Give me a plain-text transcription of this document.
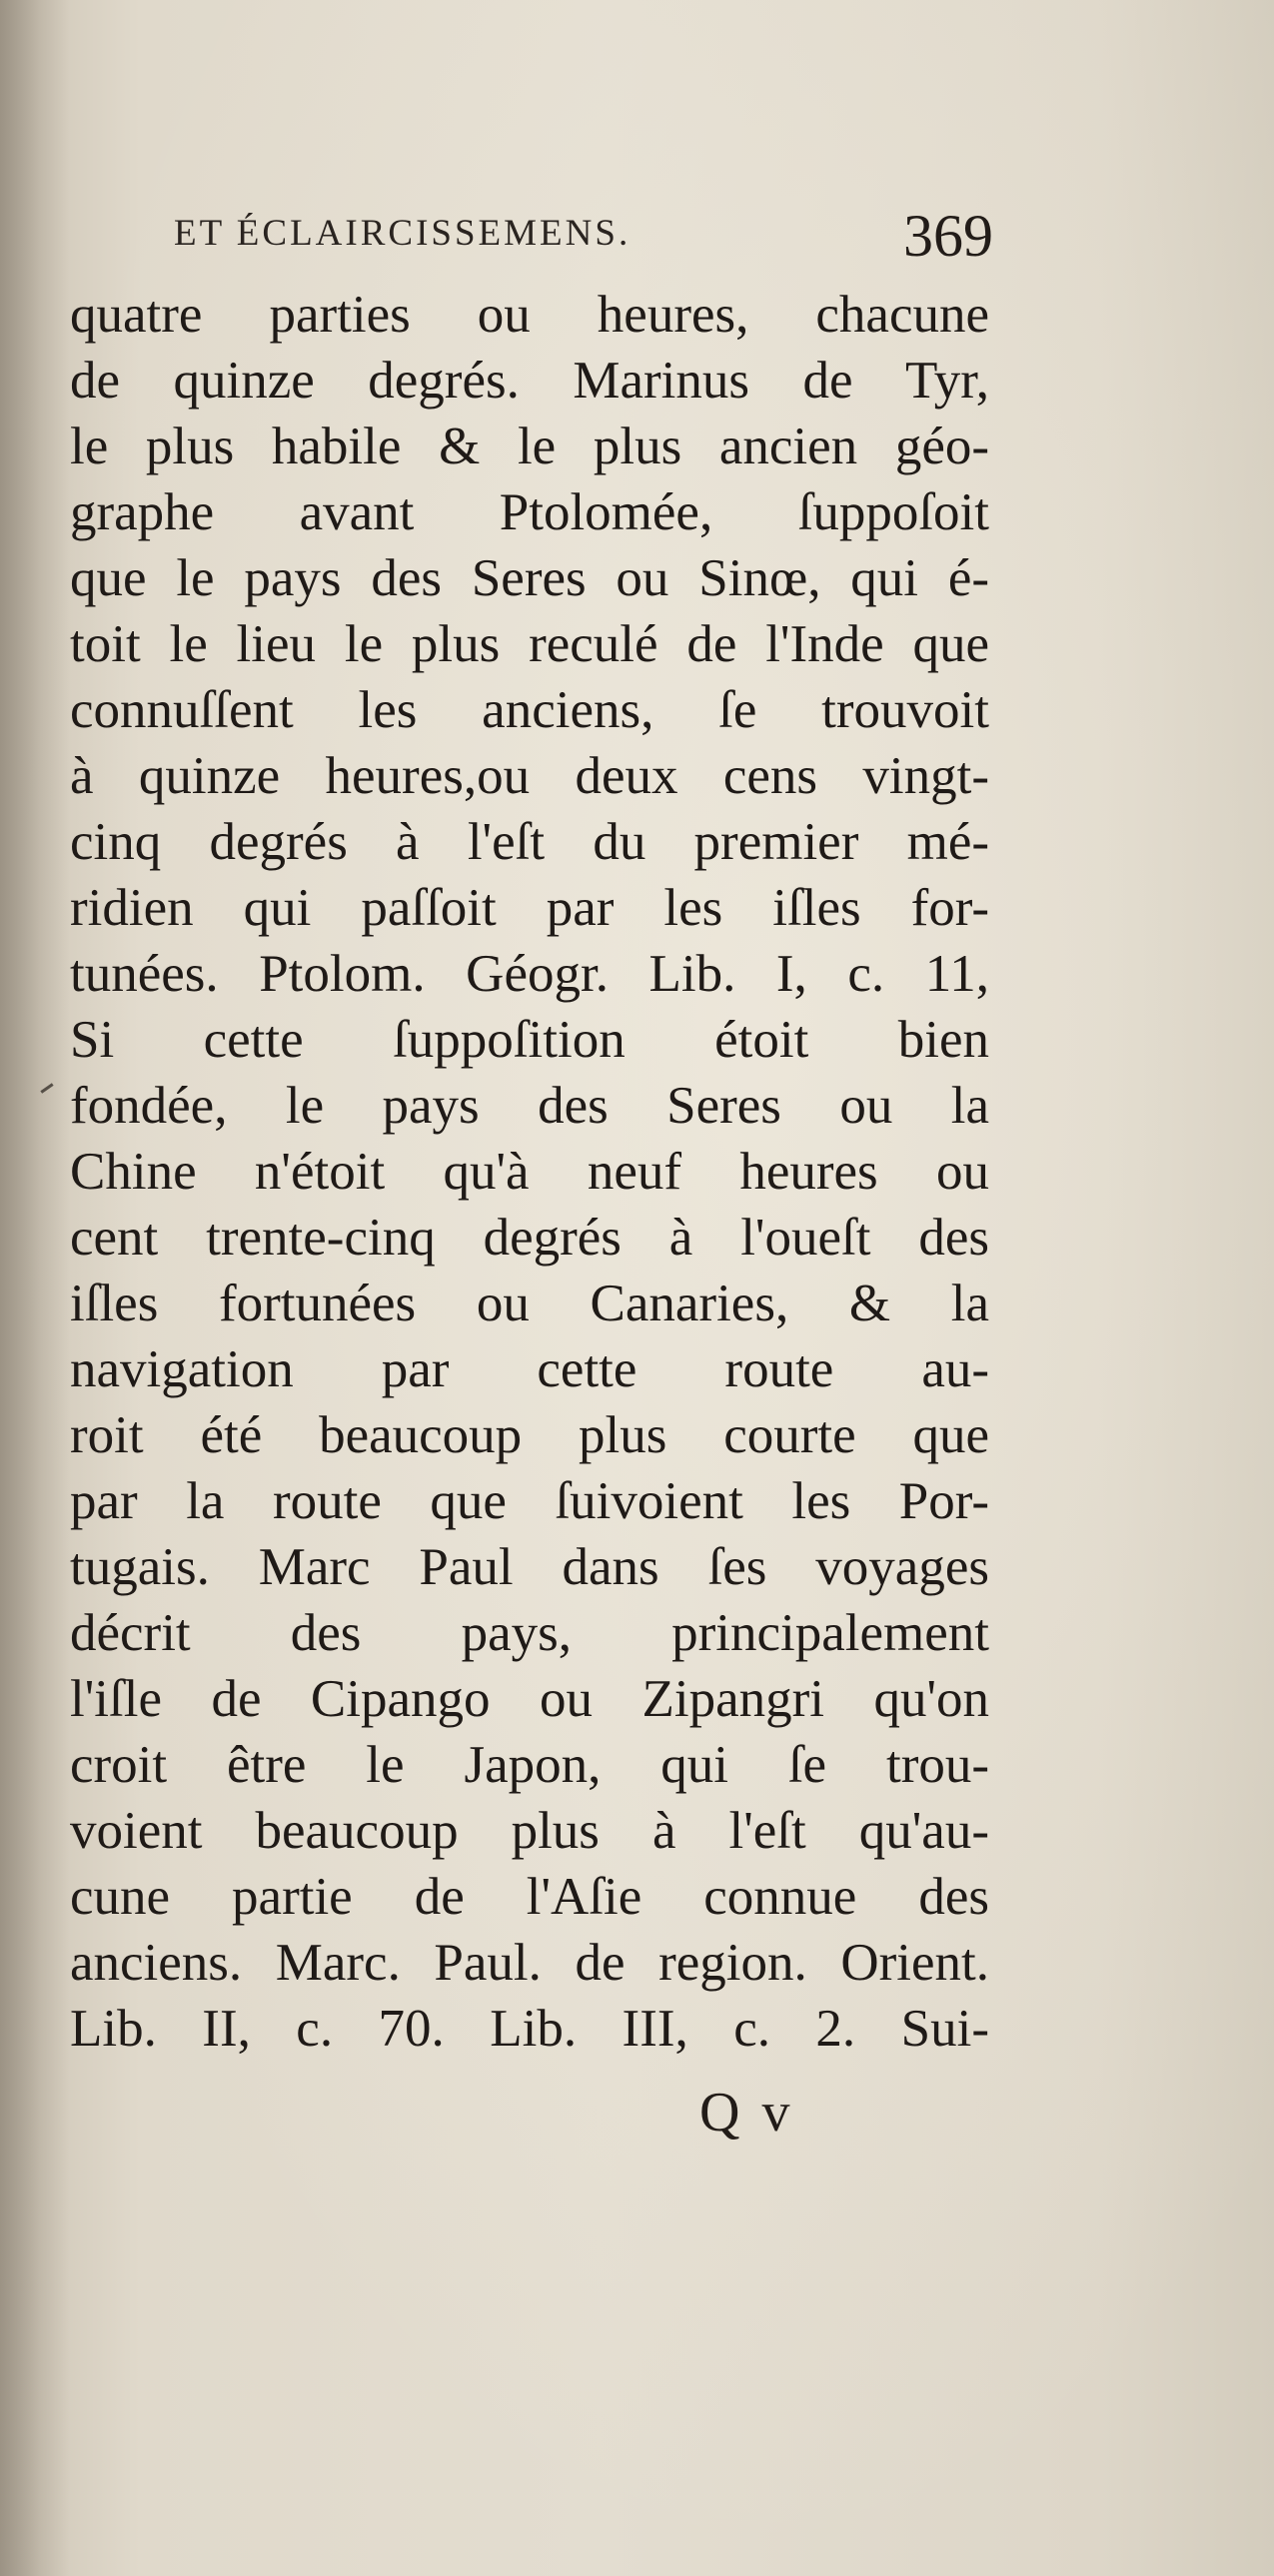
ET ÉCLAIRCISSEMENS.	369
quatre parties ou heures, chacune
de quinze degrés. Marinus de Tyr,
le plus habile & le plus ancien géo-
graphe avant Ptolomée, ſuppoſoit
que le pays des Seres ou Sinœ, qui é-
toit le lieu le plus reculé de l'Inde que
connuſſent les anciens, ſe trouvoit
à quinze heures,ou deux cens vingt-
cinq degrés à l'eſt du premier mé-
ridien qui paſſoit par les iſles for-
tunées. Ptolom. Géogr. Lib. I, c. 11,
Si cette ſuppoſition étoit bien
fondée, le pays des Seres ou la
Chine n'étoit qu'à neuf heures ou
cent trente-cinq degrés à l'oueſt des
iſles fortunées ou Canaries, & la
navigation par cette route au-
roit été beaucoup plus courte que
par la route que ſuivoient les Por-
tugais. Marc Paul dans ſes voyages
décrit des pays, principalement
l'iſle de Cipango ou Zipangri qu'on
croit être le Japon, qui ſe trou-
voient beaucoup plus à l'eſt qu'au-
cune partie de l'Aſie connue des
anciens. Marc. Paul. de region. Orient.
Lib. II, c. 70. Lib. III, c. 2. Sui-
Q v
